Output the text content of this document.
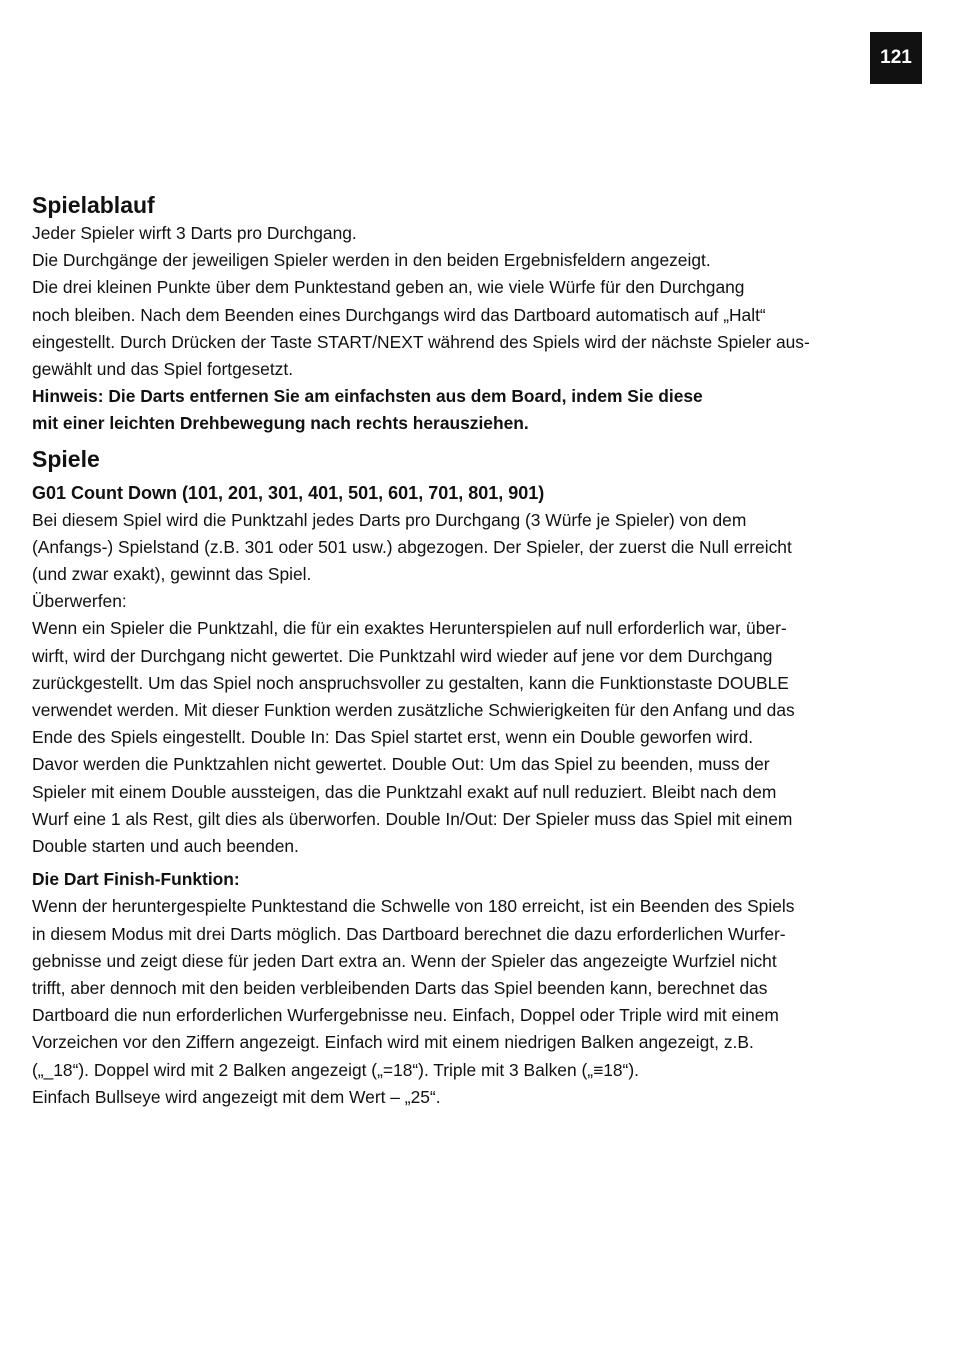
121
Spielablauf

Jeder Spieler wirft 3 Darts pro Durchgang.

Die Durchgänge der jeweiligen Spieler werden in den beiden Ergebnisfeldern angezeigt.

Die drei kleinen Punkte über dem Punktestand geben an, wie viele Würfe für den Durchgang

noch bleiben. Nach dem Beenden eines Durchgangs wird das Dartboard automatisch auf „Halt“

eingestellt. Durch Drücken der Taste START/NEXT während des Spiels wird der nächste Spieler aus-

gewählt und das Spiel fortgesetzt.

Hinweis: Die Darts entfernen Sie am einfachsten aus dem Board, indem Sie diese

mit einer leichten Drehbewegung nach rechts herausziehen.

Spiele
G01 Count Down (101, 201, 301, 401, 501, 601, 701, 801, 901)

Bei diesem Spiel wird die Punktzahl jedes Darts pro Durchgang (3 Würfe je Spieler) von dem

(Anfangs-) Spielstand (z.B. 301 oder 501 usw.) abgezogen. Der Spieler, der zuerst die Null erreicht

(und zwar exakt), gewinnt das Spiel.

Überwerfen:

Wenn ein Spieler die Punktzahl, die für ein exaktes Herunterspielen auf null erforderlich war, über-

wirft, wird der Durchgang nicht gewertet. Die Punktzahl wird wieder auf jene vor dem Durchgang

zurückgestellt. Um das Spiel noch anspruchsvoller zu gestalten, kann die Funktionstaste DOUBLE

verwendet werden. Mit dieser Funktion werden zusätzliche Schwierigkeiten für den Anfang und das

Ende des Spiels eingestellt. Double In: Das Spiel startet erst, wenn ein Double geworfen wird.

Davor werden die Punktzahlen nicht gewertet. Double Out: Um das Spiel zu beenden, muss der

Spieler mit einem Double aussteigen, das die Punktzahl exakt auf null reduziert. Bleibt nach dem

Wurf eine 1 als Rest, gilt dies als überworfen. Double In/Out: Der Spieler muss das Spiel mit einem

Double starten und auch beenden.

Die Dart Finish-Funktion:

Wenn der heruntergespielte Punktestand die Schwelle von 180 erreicht, ist ein Beenden des Spiels

in diesem Modus mit drei Darts möglich. Das Dartboard berechnet die dazu erforderlichen Wurfer-

gebnisse und zeigt diese für jeden Dart extra an. Wenn der Spieler das angezeigte Wurfziel nicht

trifft, aber dennoch mit den beiden verbleibenden Darts das Spiel beenden kann, berechnet das

Dartboard die nun erforderlichen Wurfergebnisse neu. Einfach, Doppel oder Triple wird mit einem

Vorzeichen vor den Ziffern angezeigt. Einfach wird mit einem niedrigen Balken angezeigt, z.B.

(„_18“). Doppel wird mit 2 Balken angezeigt („=18“). Triple mit 3 Balken („≡18“).

Einfach Bullseye wird angezeigt mit dem Wert – „25“.
